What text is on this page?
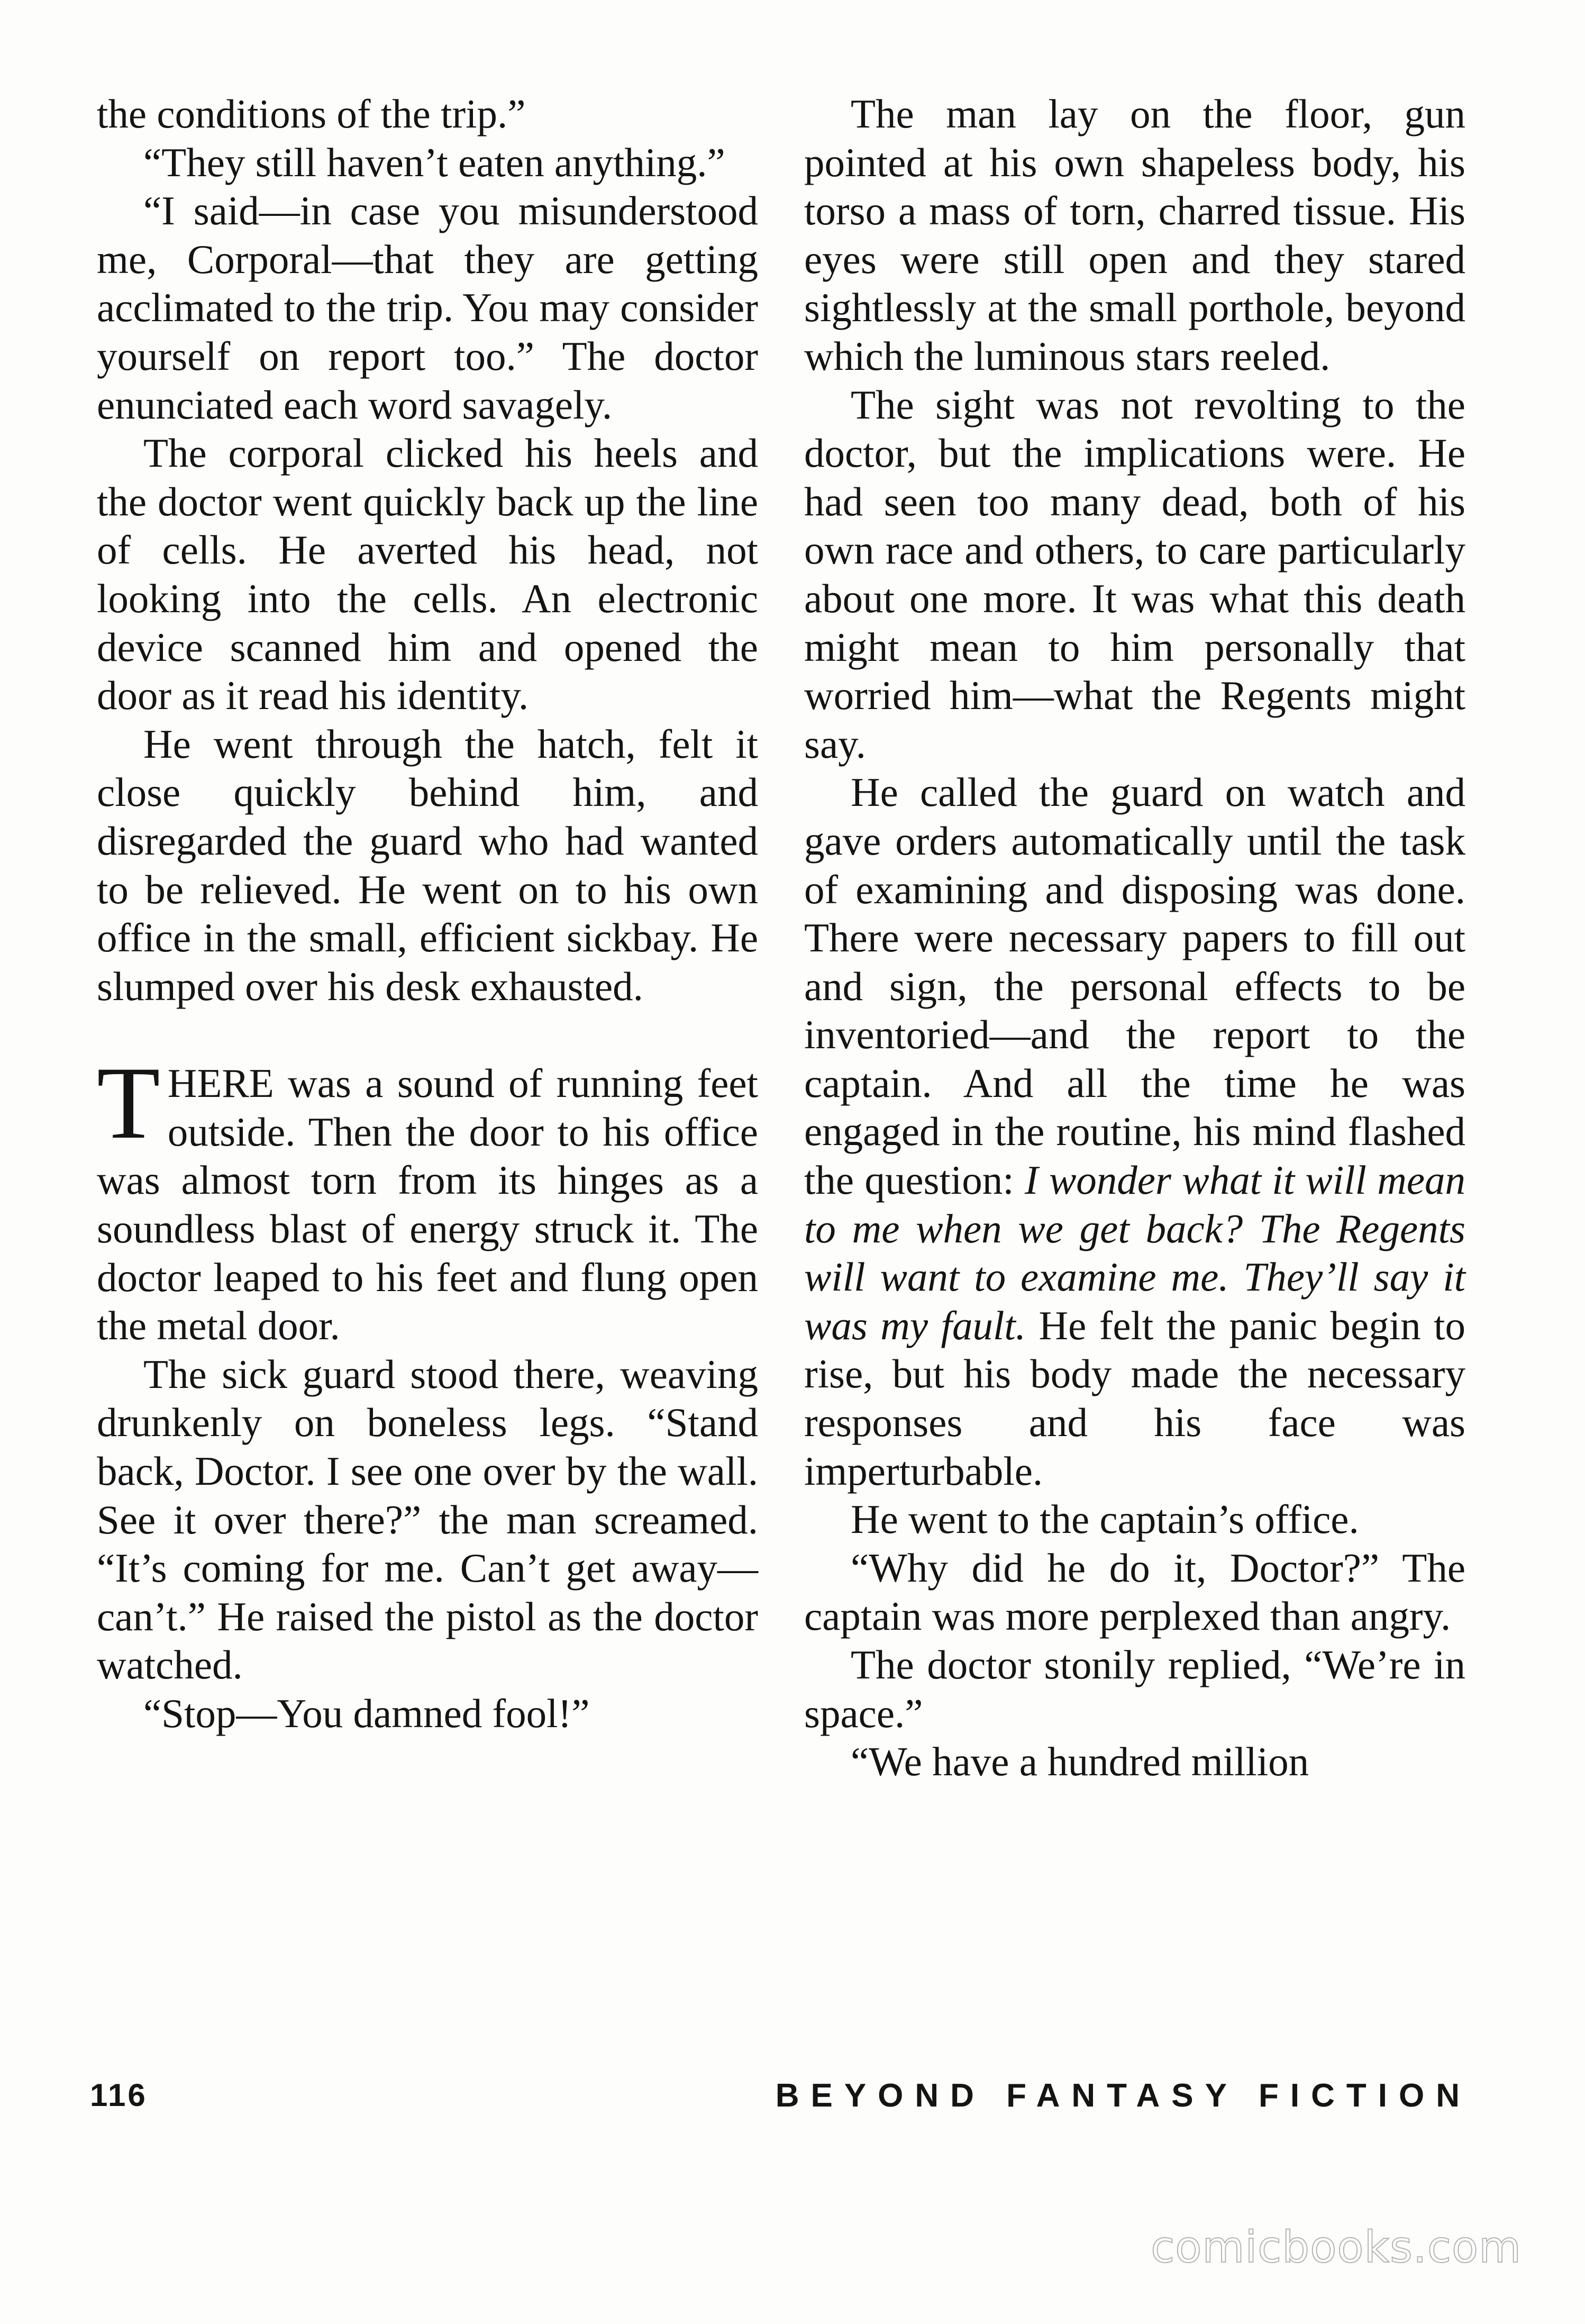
the conditions of the trip.”

“They still haven’t eaten anything.”

“I said—in case you misunderstood me, Corporal—that they are getting acclimated to the trip. You may consider yourself on report too.” The doctor enunciated each word savagely.

The corporal clicked his heels and the doctor went quickly back up the line of cells. He averted his head, not looking into the cells. An electronic device scanned him and opened the door as it read his identity.

He went through the hatch, felt it close quickly behind him, and disregarded the guard who had wanted to be relieved. He went on to his own office in the small, efficient sickbay. He slumped over his desk exhausted.

THERE was a sound of running feet outside. Then the door to his office was almost torn from its hinges as a soundless blast of energy struck it. The doctor leaped to his feet and flung open the metal door.

The sick guard stood there, weaving drunkenly on boneless legs. “Stand back, Doctor. I see one over by the wall. See it over there?” the man screamed. “It’s coming for me. Can’t get away—can’t.” He raised the pistol as the doctor watched.

“Stop—You damned fool!”

The man lay on the floor, gun pointed at his own shapeless body, his torso a mass of torn, charred tissue. His eyes were still open and they stared sightlessly at the small porthole, beyond which the luminous stars reeled.

The sight was not revolting to the doctor, but the implications were. He had seen too many dead, both of his own race and others, to care particularly about one more. It was what this death might mean to him personally that worried him—what the Regents might say.

He called the guard on watch and gave orders automatically until the task of examining and disposing was done. There were necessary papers to fill out and sign, the personal effects to be inventoried—and the report to the captain. And all the time he was engaged in the routine, his mind flashed the question: I wonder what it will mean to me when we get back? The Regents will want to examine me. They’ll say it was my fault. He felt the panic begin to rise, but his body made the necessary responses and his face was imperturbable.

He went to the captain’s office.

“Why did he do it, Doctor?” The captain was more perplexed than angry.

The doctor stonily replied, “We’re in space.”

“We have a hundred million

116	BEYOND FANTASY FICTION
comicbooks.com
